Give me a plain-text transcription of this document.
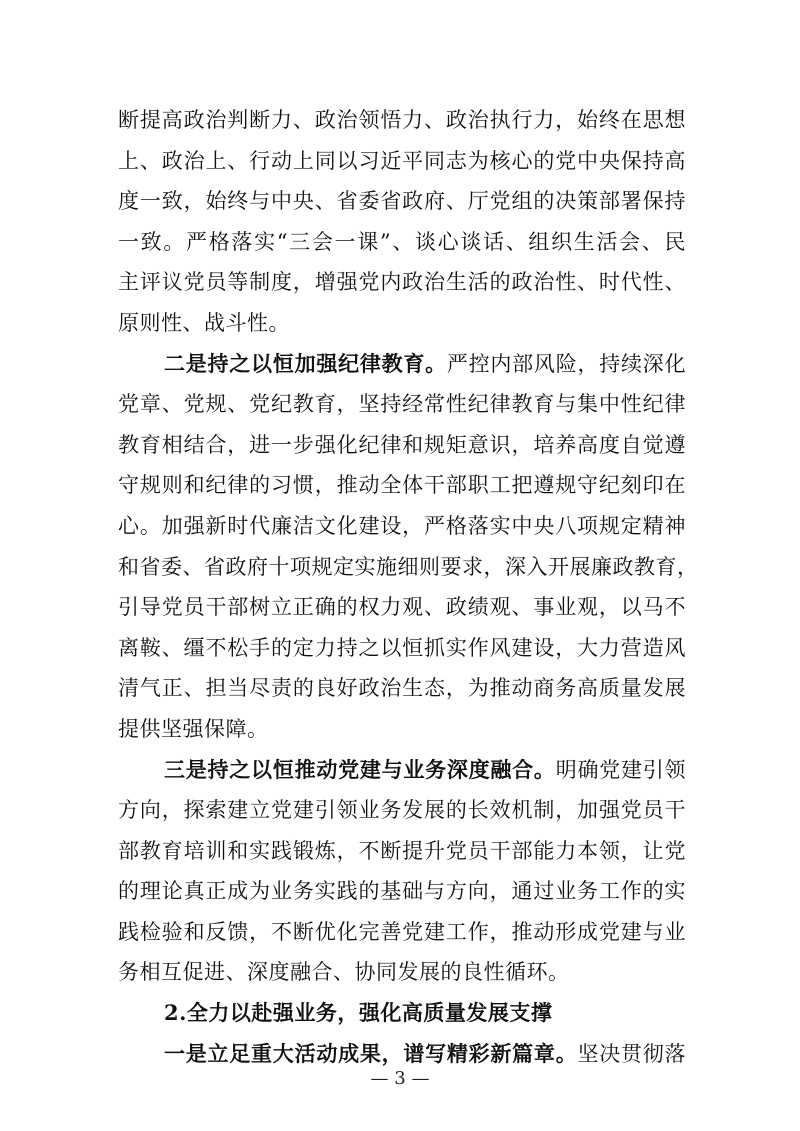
断提高政治判断力、政治领悟力、政治执行力，始终在思想
上、政治上、行动上同以习近平同志为核心的党中央保持高
度一致，始终与中央、省委省政府、厅党组的决策部署保持
一致。严格落实“三会一课”、谈心谈话、组织生活会、民
主评议党员等制度，增强党内政治生活的政治性、时代性、
原则性、战斗性。
二是持之以恒加强纪律教育。严控内部风险，持续深化
党章、党规、党纪教育，坚持经常性纪律教育与集中性纪律
教育相结合，进一步强化纪律和规矩意识，培养高度自觉遵
守规则和纪律的习惯，推动全体干部职工把遵规守纪刻印在
心。加强新时代廉洁文化建设，严格落实中央八项规定精神
和省委、省政府十项规定实施细则要求，深入开展廉政教育，
引导党员干部树立正确的权力观、政绩观、事业观，以马不
离鞍、缰不松手的定力持之以恒抓实作风建设，大力营造风
清气正、担当尽责的良好政治生态，为推动商务高质量发展
提供坚强保障。
三是持之以恒推动党建与业务深度融合。明确党建引领
方向，探索建立党建引领业务发展的长效机制，加强党员干
部教育培训和实践锻炼，不断提升党员干部能力本领，让党
的理论真正成为业务实践的基础与方向，通过业务工作的实
践检验和反馈，不断优化完善党建工作，推动形成党建与业
务相互促进、深度融合、协同发展的良性循环。
2.全力以赴强业务，强化高质量发展支撑
一是立足重大活动成果，谱写精彩新篇章。坚决贯彻落
— 3 —
